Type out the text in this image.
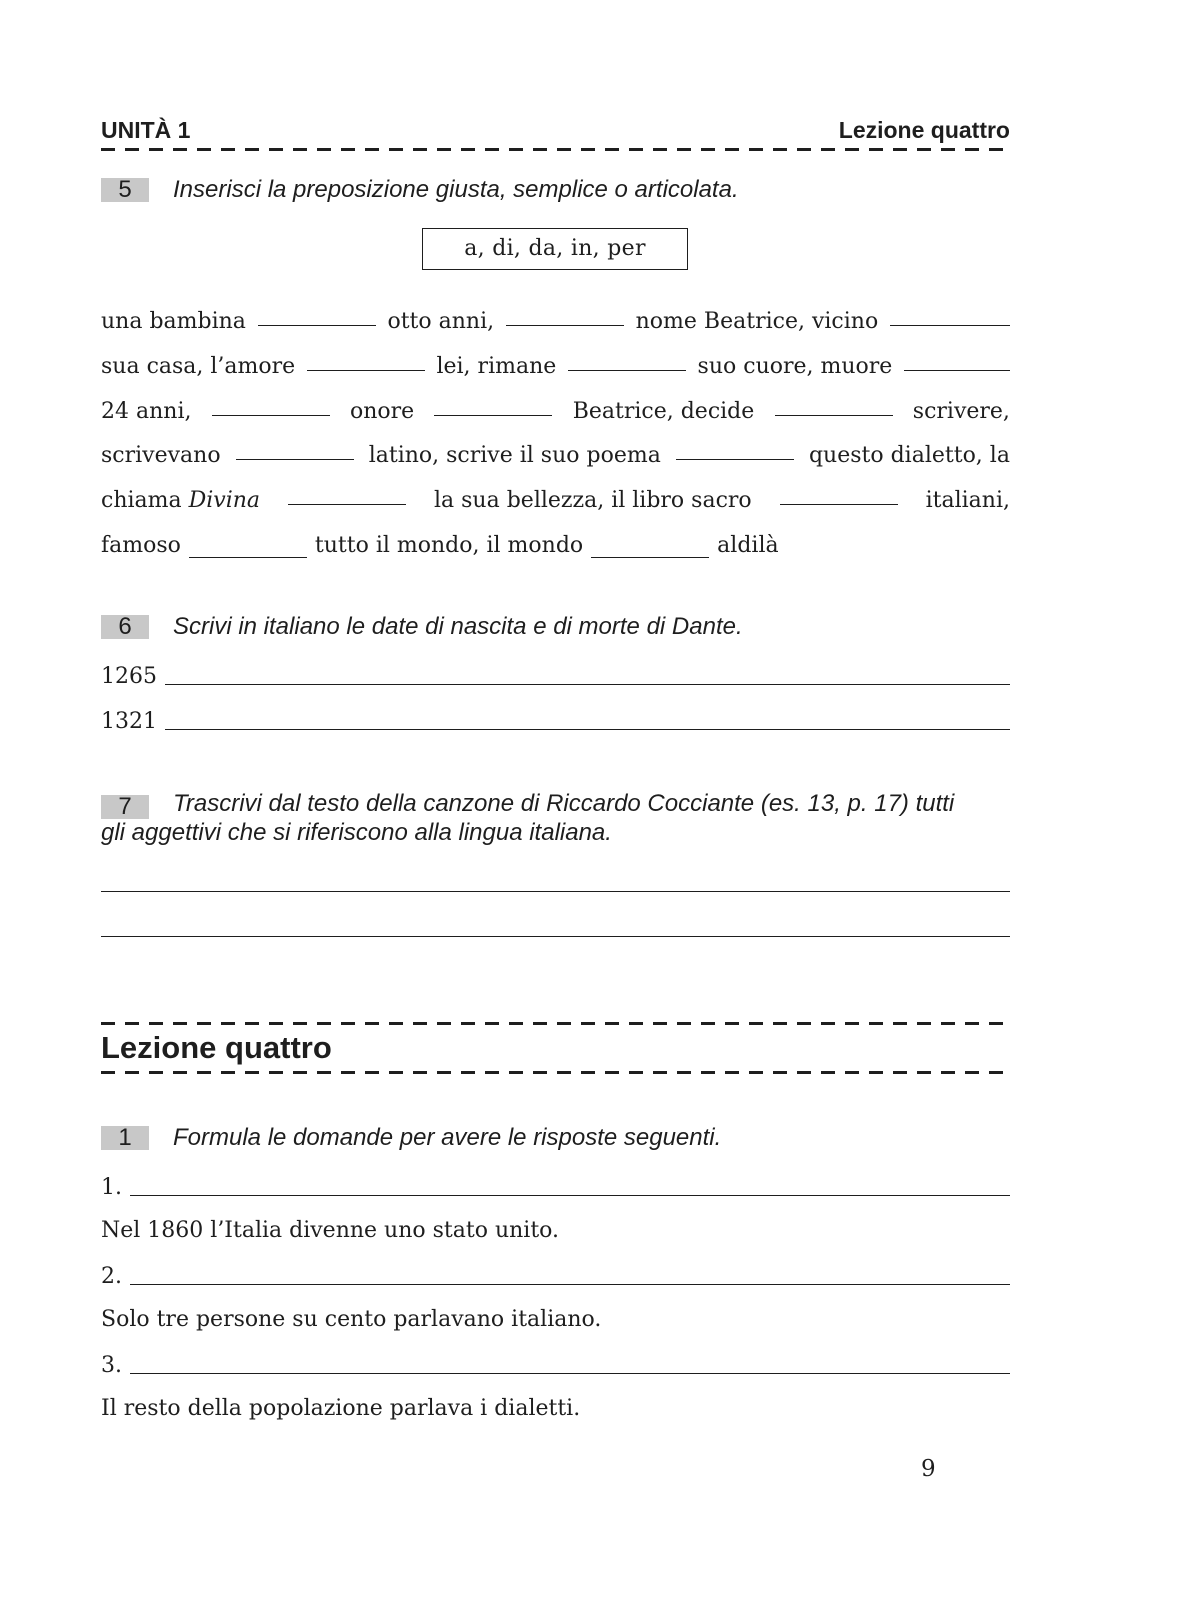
UNITÀ 1	Lezione quattro
5	Inserisci la preposizione giusta, semplice o articolata.
a, di, da, in, per
una bambina	otto anni,	nome Beatrice, vicino
sua casa, l’amore	lei, rimane	suo cuore, muore
24 anni,	onore	Beatrice, decide	scrivere,
scrivevano	latino, scrive il suo poema	questo dialetto, la
chiama Divina	la sua bellezza, il libro sacro	italiani,
famoso	tutto il mondo, il mondo	aldilà
6	Scrivi in italiano le date di nascita e di morte di Dante.
1265
1321
7	Trascrivi dal testo della canzone di Riccardo Cocciante (es. 13, p. 17) tutti
gli aggettivi che si riferiscono alla lingua italiana.
Lezione quattro
1	Formula le domande per avere le risposte seguenti.
1.
Nel 1860 l’Italia divenne uno stato unito.
2.
Solo tre persone su cento parlavano italiano.
3.
Il resto della popolazione parlava i dialetti.
9
